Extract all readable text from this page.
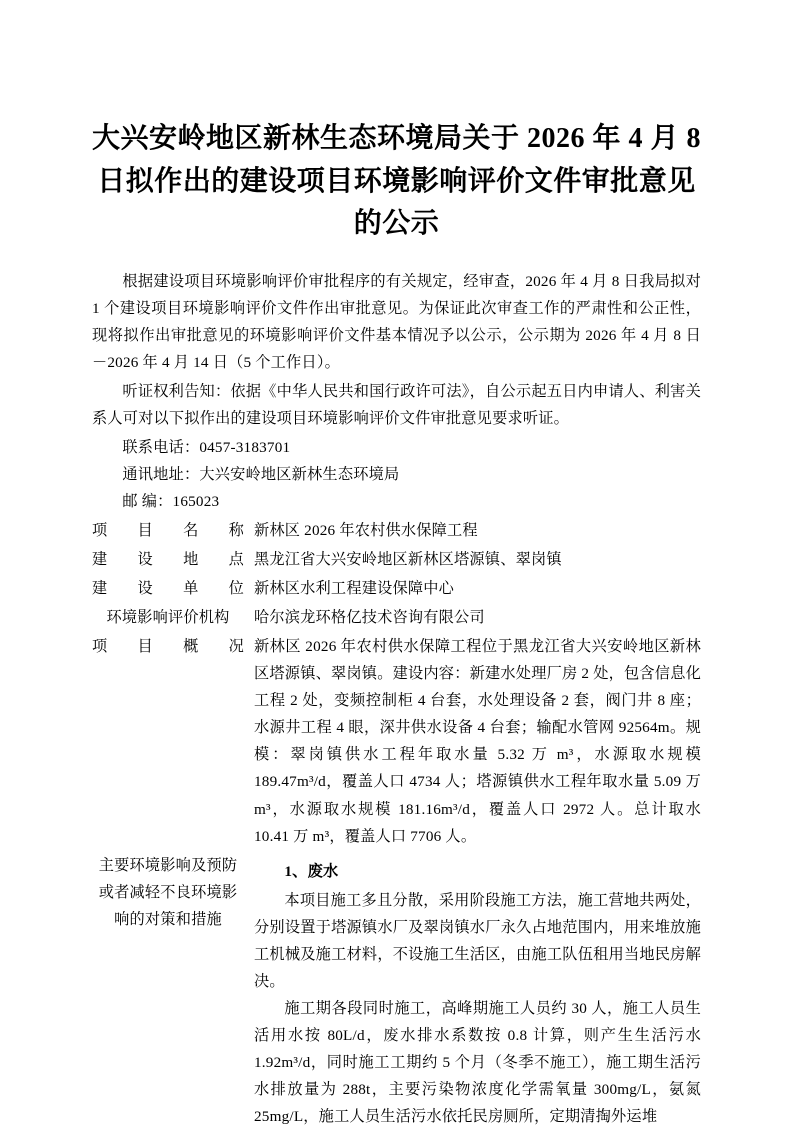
大兴安岭地区新林生态环境局关于 2026 年 4 月 8 日拟作出的建设项目环境影响评价文件审批意见的公示

根据建设项目环境影响评价审批程序的有关规定，经审查，2026 年 4 月 8 日我局拟对 1 个建设项目环境影响评价文件作出审批意见。为保证此次审查工作的严肃性和公正性，现将拟作出审批意见的环境影响评价文件基本情况予以公示，公示期为 2026 年 4 月 8 日－2026 年 4 月 14 日（5 个工作日）。

听证权利告知：依据《中华人民共和国行政许可法》，自公示起五日内申请人、利害关系人可对以下拟作出的建设项目环境影响评价文件审批意见要求听证。

联系电话：0457-3183701

通讯地址：大兴安岭地区新林生态环境局

邮 编：165023

项目名称	新林区 2026 年农村供水保障工程
建设地点	黑龙江省大兴安岭地区新林区塔源镇、翠岗镇
建设单位	新林区水利工程建设保障中心
环境影响评价机构	哈尔滨龙环格亿技术咨询有限公司
项目概况	新林区 2026 年农村供水保障工程位于黑龙江省大兴安岭地区新林区塔源镇、翠岗镇。建设内容：新建水处理厂房 2 处，包含信息化工程 2 处，变频控制柜 4 台套，水处理设备 2 套，阀门井 8 座；水源井工程 4 眼，深井供水设备 4 台套；输配水管网 92564m。规模：翠岗镇供水工程年取水量 5.32 万 m³，水源取水规模 189.47m³/d，覆盖人口 4734 人；塔源镇供水工程年取水量 5.09 万 m³，水源取水规模 181.16m³/d，覆盖人口 2972 人。总计取水 10.41 万 m³，覆盖人口 7706 人。
主要环境影响及预防或者减轻不良环境影响的对策和措施	1、废水

本项目施工多且分散，采用阶段施工方法，施工营地共两处，分别设置于塔源镇水厂及翠岗镇水厂永久占地范围内，用来堆放施工机械及施工材料，不设施工生活区，由施工队伍租用当地民房解决。

施工期各段同时施工，高峰期施工人员约 30 人，施工人员生活用水按 80L/d，废水排水系数按 0.8 计算，则产生生活污水 1.92m³/d，同时施工工期约 5 个月（冬季不施工），施工期生活污水排放量为 288t，主要污染物浓度化学需氧量 300mg/L，氨氮 25mg/L，施工人员生活污水依托民房厕所，定期清掏外运堆
